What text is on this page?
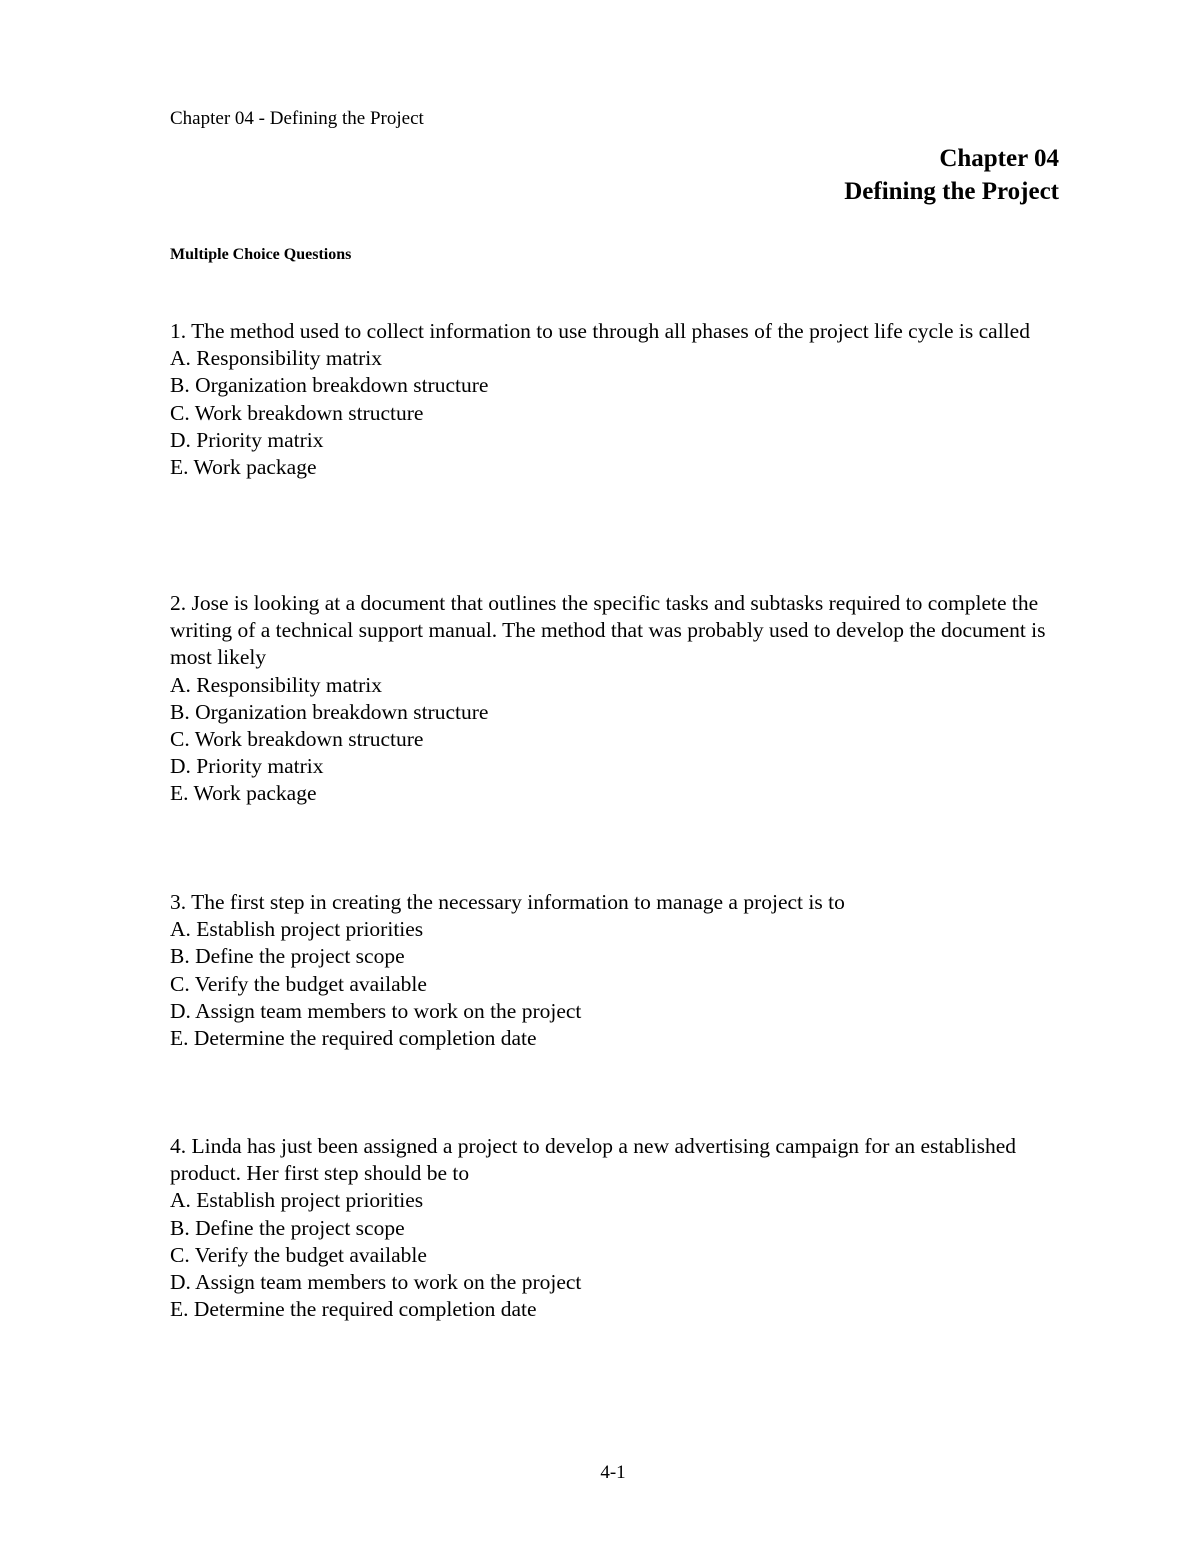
Chapter 04 - Defining the Project
Chapter 04
Defining the Project
Multiple Choice Questions

1. The method used to collect information to use through all phases of the project life cycle is called

A. Responsibility matrix
B. Organization breakdown structure
C. Work breakdown structure
D. Priority matrix
E. Work package

2. Jose is looking at a document that outlines the specific tasks and subtasks required to complete the writing of a technical support manual. The method that was probably used to develop the document is most likely

A. Responsibility matrix
B. Organization breakdown structure
C. Work breakdown structure
D. Priority matrix
E. Work package

3. The first step in creating the necessary information to manage a project is to

A. Establish project priorities
B. Define the project scope
C. Verify the budget available
D. Assign team members to work on the project
E. Determine the required completion date

4. Linda has just been assigned a project to develop a new advertising campaign for an established product. Her first step should be to

A. Establish project priorities
B. Define the project scope
C. Verify the budget available
D. Assign team members to work on the project
E. Determine the required completion date
4-1
